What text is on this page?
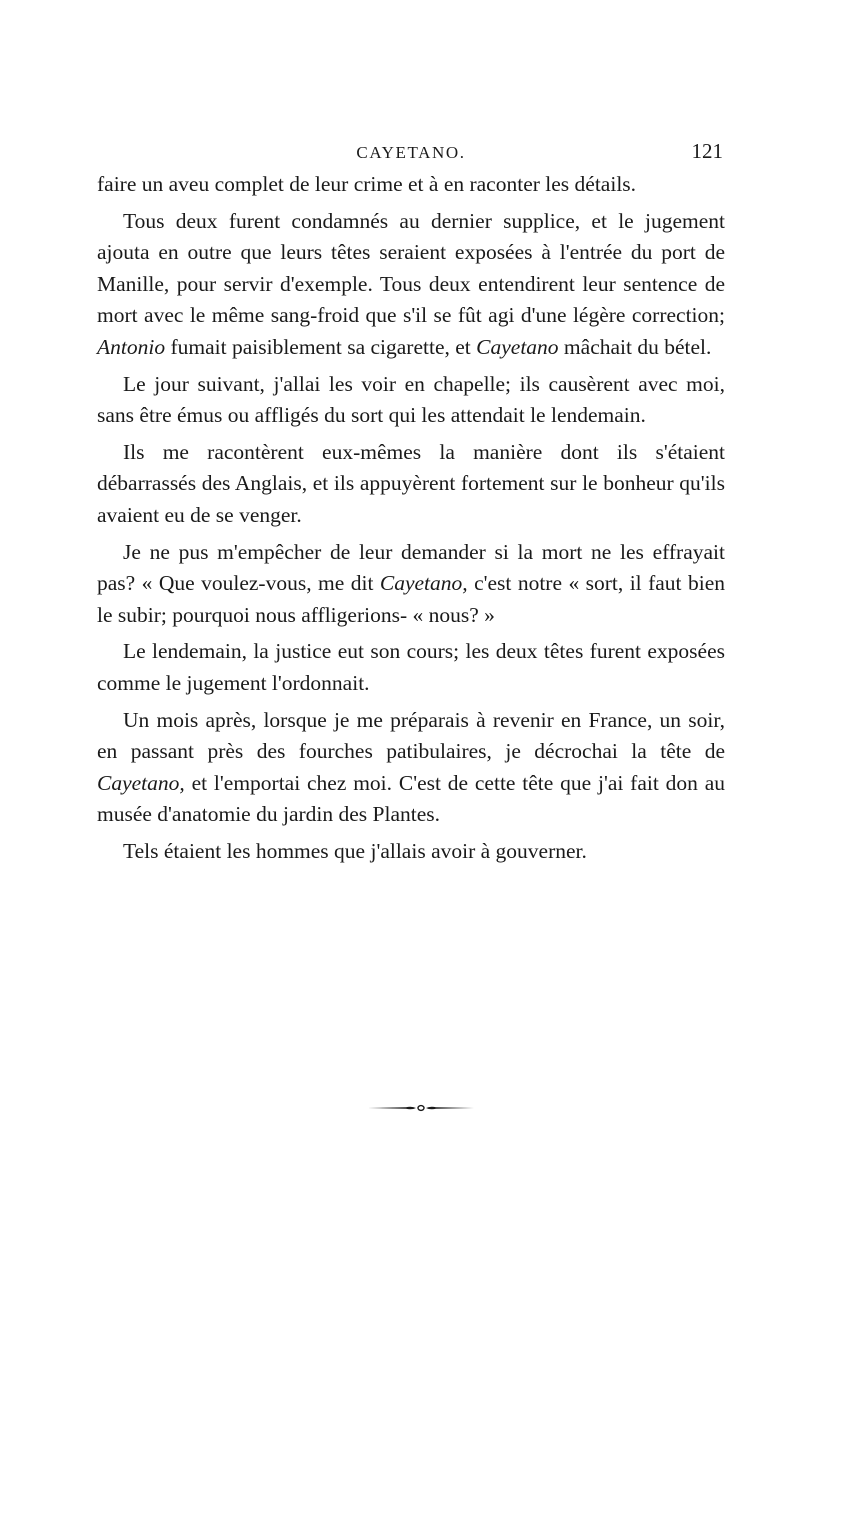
CAYETANO.	121

faire un aveu complet de leur crime et à en raconter les détails.

Tous deux furent condamnés au dernier supplice, et le jugement ajouta en outre que leurs têtes seraient exposées à l'entrée du port de Manille, pour servir d'exemple. Tous deux entendirent leur sentence de mort avec le même sang-froid que s'il se fût agi d'une légère correction; Antonio fumait paisiblement sa cigarette, et Cayetano mâchait du bétel.

Le jour suivant, j'allai les voir en chapelle; ils causèrent avec moi, sans être émus ou affligés du sort qui les attendait le lendemain.

Ils me racontèrent eux-mêmes la manière dont ils s'étaient débarrassés des Anglais, et ils appuyèrent fortement sur le bonheur qu'ils avaient eu de se venger.

Je ne pus m'empêcher de leur demander si la mort ne les effrayait pas? « Que voulez-vous, me dit Cayetano, c'est notre « sort, il faut bien le subir; pourquoi nous affligerions- « nous? »

Le lendemain, la justice eut son cours; les deux têtes furent exposées comme le jugement l'ordonnait.

Un mois après, lorsque je me préparais à revenir en France, un soir, en passant près des fourches patibulaires, je décrochai la tête de Cayetano, et l'emportai chez moi. C'est de cette tête que j'ai fait don au musée d'anatomie du jardin des Plantes.

Tels étaient les hommes que j'allais avoir à gouverner.
